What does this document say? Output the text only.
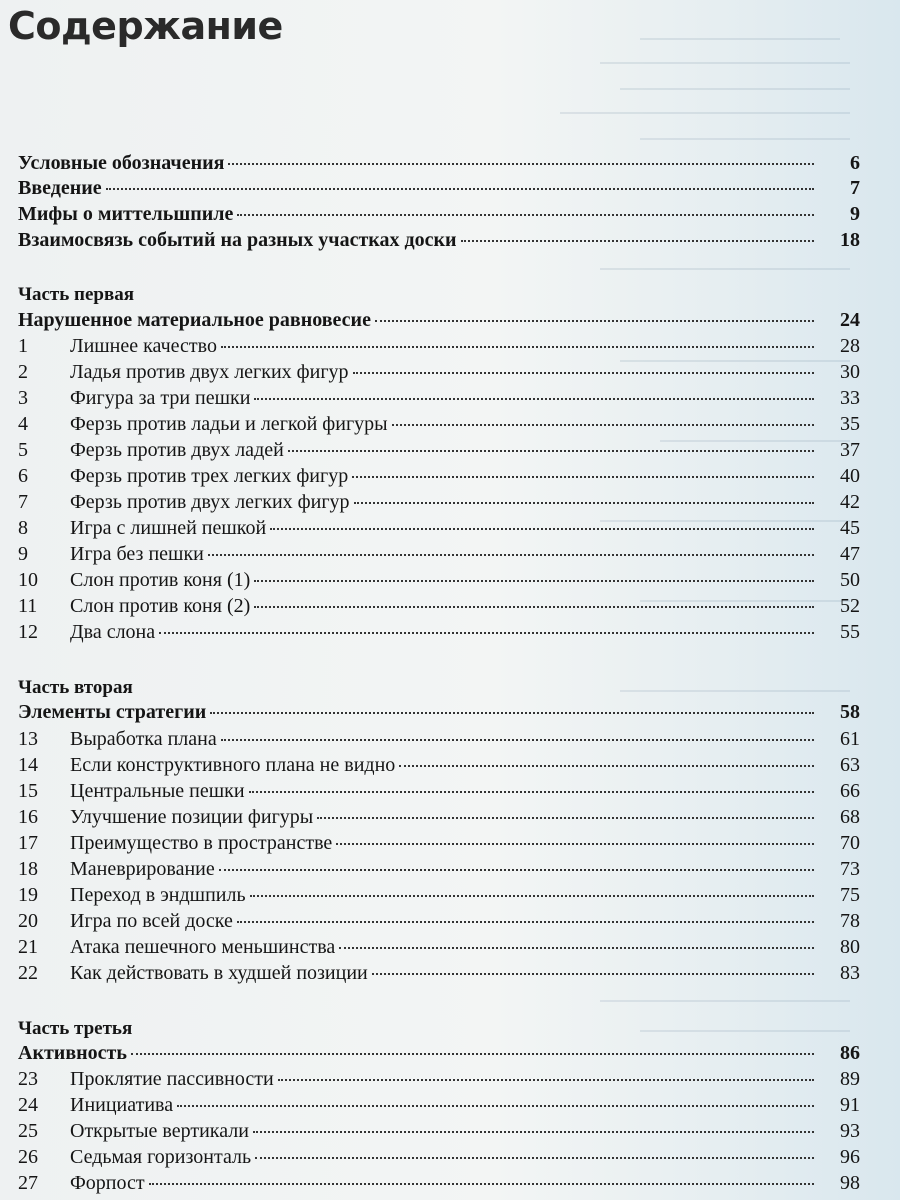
Содержание
Условные обозначения	6
Введение	7
Мифы о миттельшпиле	9
Взаимосвязь событий на разных участках доски	18
Часть первая
Нарушенное материальное равновесие	24
1	Лишнее качество	28
2	Ладья против двух легких фигур	30
3	Фигура за три пешки	33
4	Ферзь против ладьи и легкой фигуры	35
5	Ферзь против двух ладей	37
6	Ферзь против трех легких фигур	40
7	Ферзь против двух легких фигур	42
8	Игра с лишней пешкой	45
9	Игра без пешки	47
10	Слон против коня (1)	50
11	Слон против коня (2)	52
12	Два слона	55
Часть вторая
Элементы стратегии	58
13	Выработка плана	61
14	Если конструктивного плана не видно	63
15	Центральные пешки	66
16	Улучшение позиции фигуры	68
17	Преимущество в пространстве	70
18	Маневрирование	73
19	Переход в эндшпиль	75
20	Игра по всей доске	78
21	Атака пешечного меньшинства	80
22	Как действовать в худшей позиции	83
Часть третья
Активность	86
23	Проклятие пассивности	89
24	Инициатива	91
25	Открытые вертикали	93
26	Седьмая горизонталь	96
27	Форпост	98
